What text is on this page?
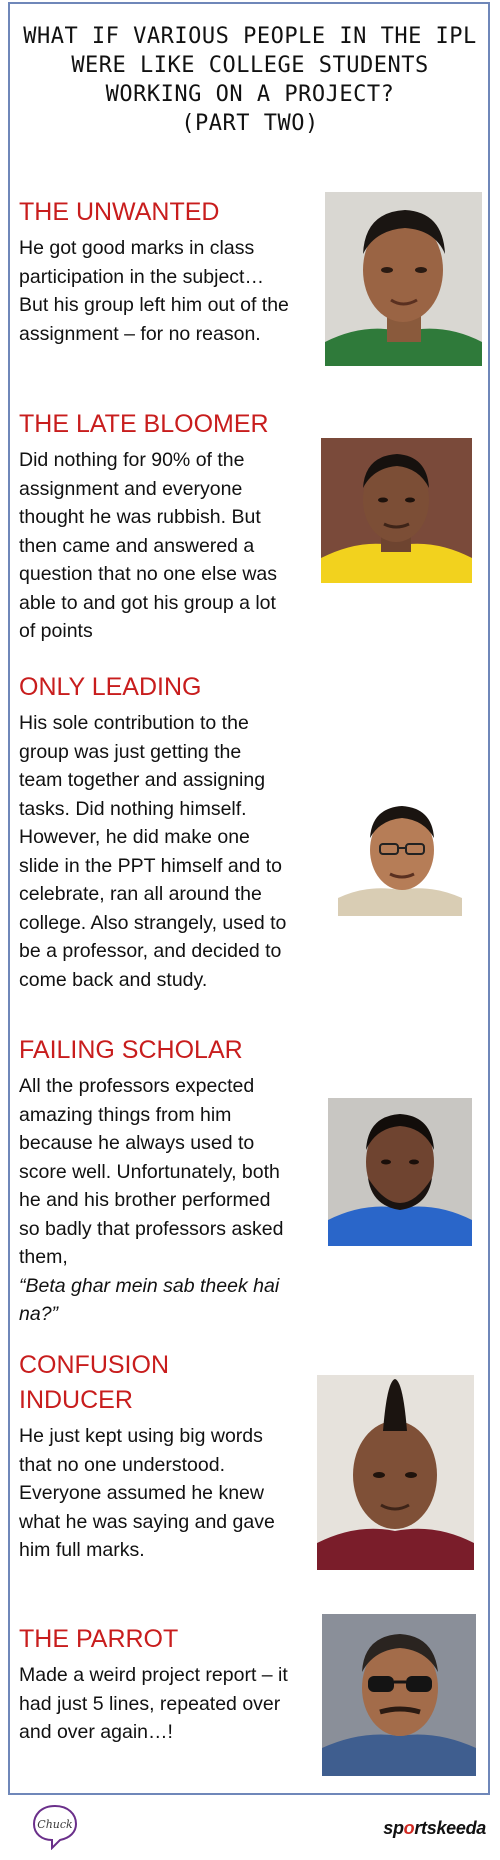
WHAT IF VARIOUS PEOPLE IN THE IPL
WERE LIKE COLLEGE STUDENTS
WORKING ON A PROJECT?
(PART TWO)
THE UNWANTED

He got good marks in class participation in the subject… But his group left him out of the assignment – for no reason.

THE LATE BLOOMER

Did nothing for 90% of the assignment and everyone thought he was rubbish. But then came and answered a question that no one else was able to and got his group a lot of points

ONLY LEADING

His sole contribution to the group was just getting the team together and assigning tasks. Did nothing himself. However, he did make one slide in the PPT himself and to celebrate, ran all around the college. Also strangely, used to be a professor, and decided to come back and study.

FAILING SCHOLAR

All the professors expected amazing things from him because he always used to score well. Unfortunately, both he and his brother performed so badly that professors asked them,
“Beta ghar mein sab theek hai na?”

CONFUSION INDUCER

He just kept using big words that no one understood. Everyone assumed he knew what he was saying and gave him full marks.

THE PARROT

Made a weird project report – it had just 5 lines, repeated over and over again…!

Chuck	sportskeeda
